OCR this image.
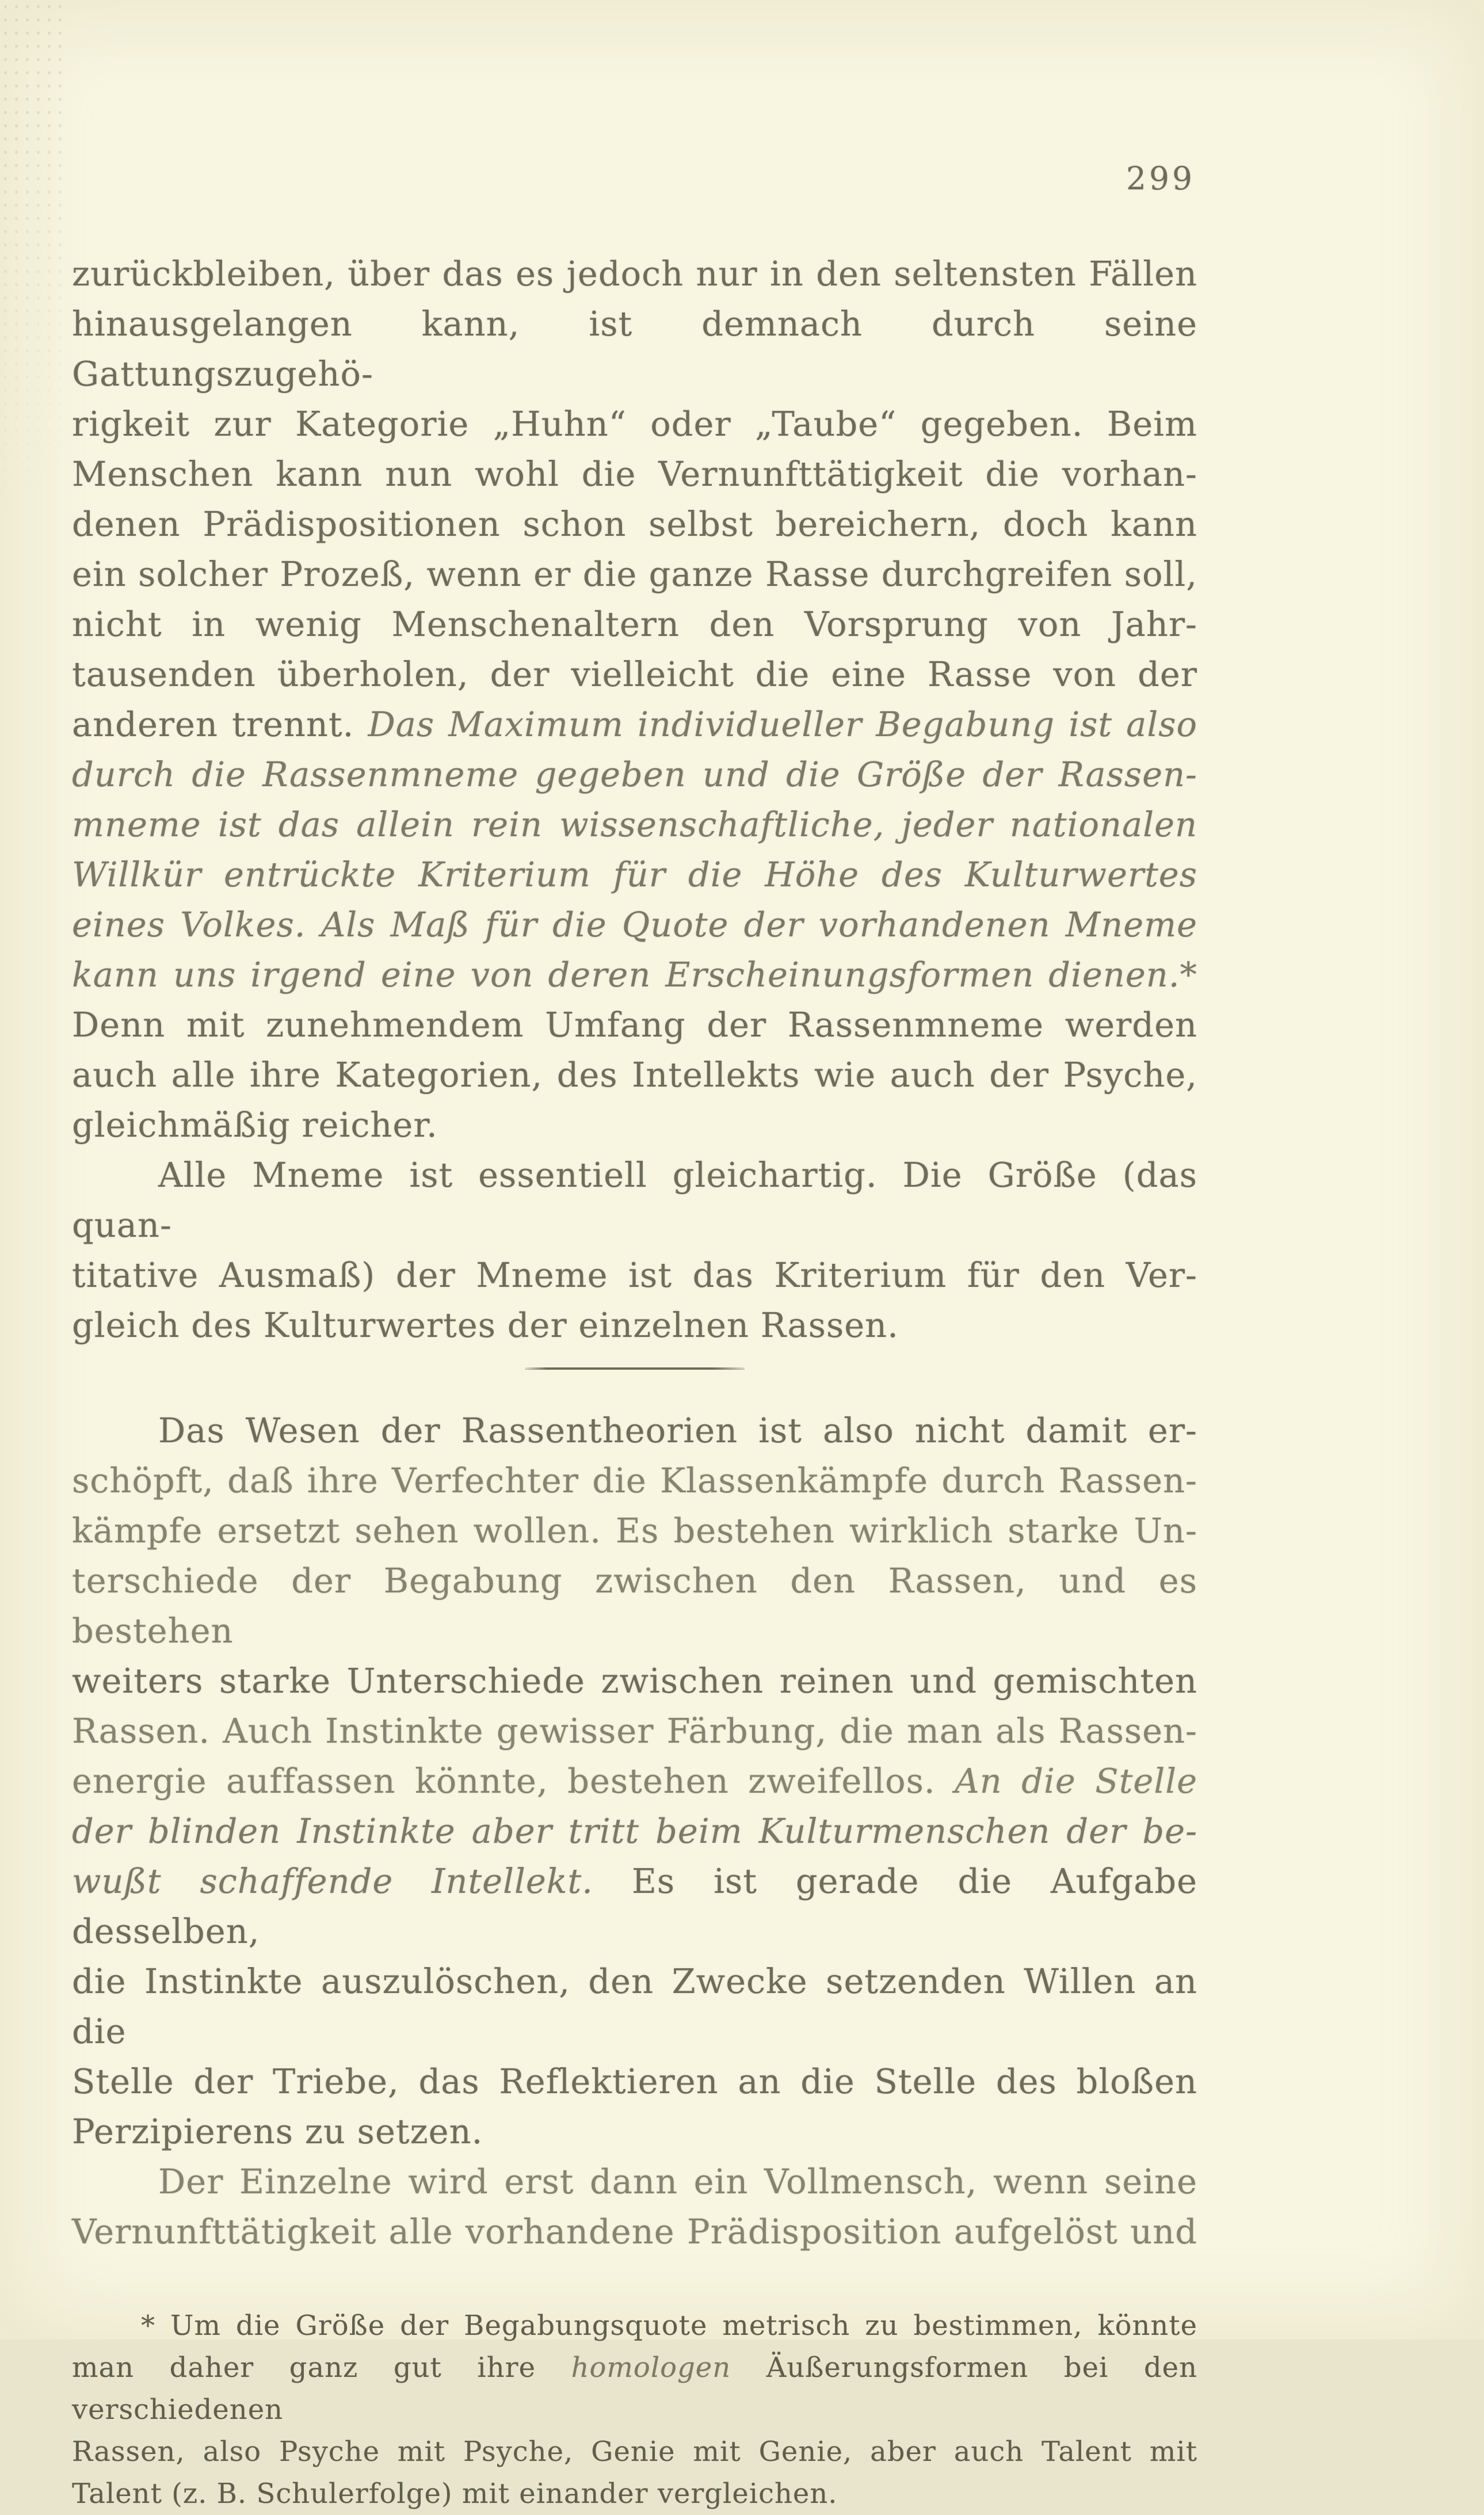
299
zurückbleiben, über das es jedoch nur in den seltensten Fällen
hinausgelangen kann, ist demnach durch seine Gattungszugehö-
rigkeit zur Kategorie „Huhn“ oder „Taube“ gegeben. Beim
Menschen kann nun wohl die Vernunfttätigkeit die vorhan-
denen Prädispositionen schon selbst bereichern, doch kann
ein solcher Prozeß, wenn er die ganze Rasse durchgreifen soll,
nicht in wenig Menschenaltern den Vorsprung von Jahr-
tausenden überholen, der vielleicht die eine Rasse von der
anderen trennt. Das Maximum individueller Begabung ist also
durch die Rassenmneme gegeben und die Größe der Rassen-
mneme ist das allein rein wissenschaftliche, jeder nationalen
Willkür entrückte Kriterium für die Höhe des Kulturwertes
eines Volkes. Als Maß für die Quote der vorhandenen Mneme
kann uns irgend eine von deren Erscheinungsformen dienen.*
Denn mit zunehmendem Umfang der Rassenmneme werden
auch alle ihre Kategorien, des Intellekts wie auch der Psyche,
gleichmäßig reicher.
Alle Mneme ist essentiell gleichartig. Die Größe (das quan-
titative Ausmaß) der Mneme ist das Kriterium für den Ver-
gleich des Kulturwertes der einzelnen Rassen.
Das Wesen der Rassentheorien ist also nicht damit er-
schöpft, daß ihre Verfechter die Klassenkämpfe durch Rassen-
kämpfe ersetzt sehen wollen. Es bestehen wirklich starke Un-
terschiede der Begabung zwischen den Rassen, und es bestehen
weiters starke Unterschiede zwischen reinen und gemischten
Rassen. Auch Instinkte gewisser Färbung, die man als Rassen-
energie auffassen könnte, bestehen zweifellos. An die Stelle
der blinden Instinkte aber tritt beim Kulturmenschen der be-
wußt schaffende Intellekt. Es ist gerade die Aufgabe desselben,
die Instinkte auszulöschen, den Zwecke setzenden Willen an die
Stelle der Triebe, das Reflektieren an die Stelle des bloßen
Perzipierens zu setzen.
Der Einzelne wird erst dann ein Vollmensch, wenn seine
Vernunfttätigkeit alle vorhandene Prädisposition aufgelöst und
* Um die Größe der Begabungsquote metrisch zu bestimmen, könnte
man daher ganz gut ihre homologen Äußerungsformen bei den verschiedenen
Rassen, also Psyche mit Psyche, Genie mit Genie, aber auch Talent mit
Talent (z. B. Schulerfolge) mit einander vergleichen.
